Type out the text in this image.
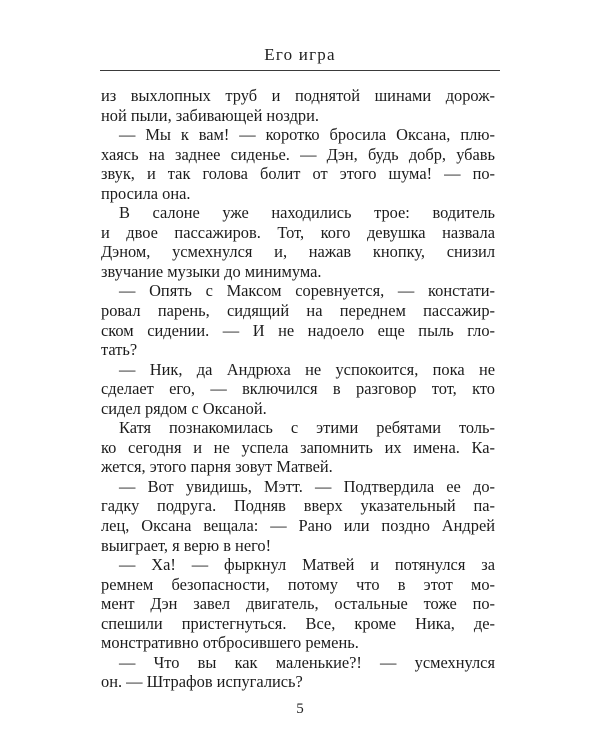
Его игра
из выхлопных труб и поднятой шинами дорож-
ной пыли, забивающей ноздри.
— Мы к вам! — коротко бросила Оксана, плю-
хаясь на заднее сиденье. — Дэн, будь добр, убавь
звук, и так голова болит от этого шума! — по-
просила она.
В салоне уже находились трое: водитель
и двое пассажиров. Тот, кого девушка назвала
Дэном, усмехнулся и, нажав кнопку, снизил
звучание музыки до минимума.
— Опять с Максом соревнуется, — констати-
ровал парень, сидящий на переднем пассажир-
ском сидении. — И не надоело еще пыль гло-
тать?
— Ник, да Андрюха не успокоится, пока не
сделает его, — включился в разговор тот, кто
сидел рядом с Оксаной.
Катя познакомилась с этими ребятами толь-
ко сегодня и не успела запомнить их имена. Ка-
жется, этого парня зовут Матвей.
— Вот увидишь, Мэтт. — Подтвердила ее до-
гадку подруга. Подняв вверх указательный па-
лец, Оксана вещала: — Рано или поздно Андрей
выиграет, я верю в него!
— Ха! — фыркнул Матвей и потянулся за
ремнем безопасности, потому что в этот мо-
мент Дэн завел двигатель, остальные тоже по-
спешили пристегнуться. Все, кроме Ника, де-
монстративно отбросившего ремень.
— Что вы как маленькие?! — усмехнулся
он. — Штрафов испугались?
5
